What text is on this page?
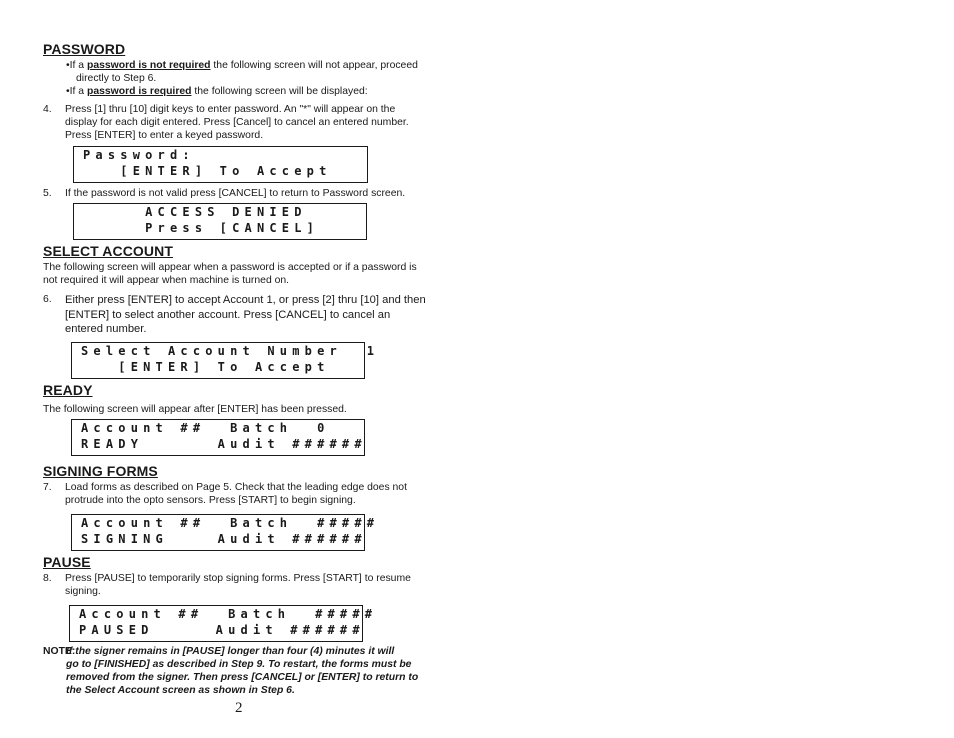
PASSWORD
•If a password is not required the following screen will not appear, proceed
directly to Step 6.
•If a password is required the following screen will be displayed:
4. Press [1] thru [10] digit keys to enter password. An "*" will appear on the
display for each digit entered. Press [Cancel] to cancel an entered number.
Press [ENTER] to enter a keyed password.

Password:

[ENTER] To Accept

5. If the password is not valid press [CANCEL] to return to Password screen.

ACCESS DENIED

Press [CANCEL]

SELECT ACCOUNT
The following screen will appear when a password is accepted or if a password is
not required it will appear when machine is turned on.
6. Either press [ENTER] to accept Account 1, or press [2] thru [10] and then
[ENTER] to select another account. Press [CANCEL] to cancel an
entered number.

Select Account Number  1

[ENTER] To Accept

READY
The following screen will appear after [ENTER] has been pressed.

Account ##  Batch  0

READY      Audit ######

SIGNING FORMS
7. Load forms as described on Page 5. Check that the leading edge does not
protrude into the opto sensors. Press [START] to begin signing.

Account ##  Batch  #####

SIGNING    Audit ######

PAUSE
8. Press [PAUSE] to temporarily stop signing forms. Press [START] to resume
signing.

Account ##  Batch  #####

PAUSED     Audit ######

NOTE:
If the signer remains in [PAUSE] longer than four (4) minutes it will
go to [FINISHED] as described in Step 9. To restart, the forms must be
removed from the signer. Then press [CANCEL] or [ENTER] to return to
the Select Account screen as shown in Step 6.
2
